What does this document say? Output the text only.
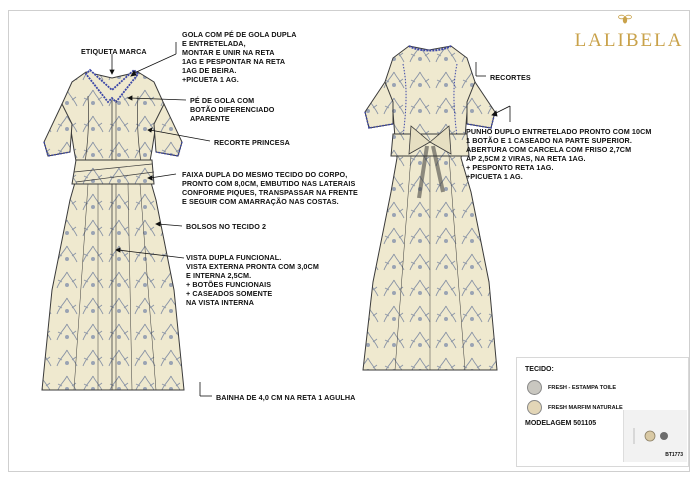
LALIBELA
ETIQUETA MARCA
GOLA COM PÉ DE GOLA DUPLA
E ENTRETELADA,
MONTAR E UNIR NA RETA
1AG E PESPONTAR NA RETA
1AG DE BEIRA.
+PICUETA 1 AG.
PÉ DE GOLA COM
BOTÃO DIFERENCIADO
APARENTE
RECORTE PRINCESA
FAIXA DUPLA DO MESMO TECIDO DO CORPO,
PRONTO COM 8,0CM, EMBUTIDO NAS LATERAIS
CONFORME PIQUES, TRANSPASSAR NA FRENTE
E SEGUIR COM AMARRAÇÃO NAS COSTAS.
BOLSOS NO TECIDO 2
VISTA DUPLA FUNCIONAL.
VISTA EXTERNA PRONTA COM 3,0CM
E INTERNA 2,5CM.
+ BOTÕES FUNCIONAIS
+ CASEADOS SOMENTE
NA VISTA INTERNA
BAINHA DE 4,0 CM NA RETA 1 AGULHA
RECORTES
PUNHO DUPLO ENTRETELADO PRONTO COM 10CM
1 BOTÃO E 1 CASEADO NA PARTE SUPERIOR.
ABERTURA COM CARCELA COM FRISO 2,7CM
AP 2,5CM 2 VIRAS, NA RETA 1AG.
+ PESPONTO RETA 1AG.
+PICUETA 1 AG.
TECIDO:
FRESH - ESTAMPA TOILE
FRESH MARFIM NATURALE
MODELAGEM 501105
BT1773
